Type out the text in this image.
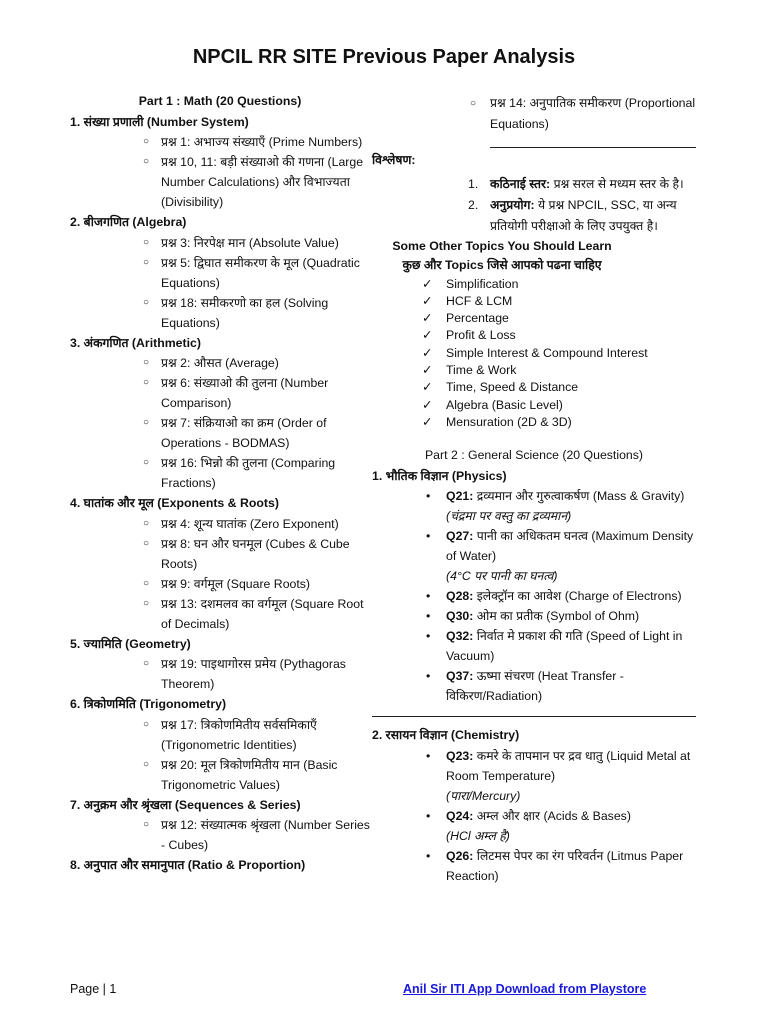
NPCIL RR SITE Previous Paper Analysis
Part 1 : Math (20 Questions)
1. संख्या प्रणाली (Number System)
○ प्रश्न 1: अभाज्य संख्याएँ (Prime Numbers)
○ प्रश्न 10, 11: बड़ी संख्याओ की गणना (Large Number Calculations) और विभाज्यता (Divisibility)
2. बीजगणित (Algebra)
○ प्रश्न 3: निरपेक्ष मान (Absolute Value)
○ प्रश्न 5: द्विघात समीकरण के मूल (Quadratic Equations)
○ प्रश्न 18: समीकरणो का हल (Solving Equations)
3. अंकगणित (Arithmetic)
○ प्रश्न 2: औसत (Average)
○ प्रश्न 6: संख्याओ की तुलना (Number Comparison)
○ प्रश्न 7: संक्रियाओ का क्रम (Order of Operations - BODMAS)
○ प्रश्न 16: भिन्नो की तुलना (Comparing Fractions)
4. घातांक और मूल (Exponents & Roots)
○ प्रश्न 4: शून्य घातांक (Zero Exponent)
○ प्रश्न 8: घन और घनमूल (Cubes & Cube Roots)
○ प्रश्न 9: वर्गमूल (Square Roots)
○ प्रश्न 13: दशमलव का वर्गमूल (Square Root of Decimals)
5. ज्यामिति (Geometry)
○ प्रश्न 19: पाइथागोरस प्रमेय (Pythagoras Theorem)
6. त्रिकोणमिति (Trigonometry)
○ प्रश्न 17: त्रिकोणमितीय सर्वसमिकाएँ (Trigonometric Identities)
○ प्रश्न 20: मूल त्रिकोणमितीय मान (Basic Trigonometric Values)
7. अनुक्रम और श्रृंखला (Sequences & Series)
○ प्रश्न 12: संख्यात्मक श्रृंखला (Number Series - Cubes)
8. अनुपात और समानुपात (Ratio & Proportion)
○ प्रश्न 14: अनुपातिक समीकरण (Proportional Equations)
विश्लेषण:
1. कठिनाई स्तर: प्रश्न सरल से मध्यम स्तर के है।
2. अनुप्रयोग: ये प्रश्न NPCIL, SSC, या अन्य प्रतियोगी परीक्षाओ के लिए उपयुक्त है।
Some Other Topics You Should Learn
कुछ और Topics जिसे आपको पढना चाहिए
✓ Simplification
✓ HCF & LCM
✓ Percentage
✓ Profit & Loss
✓ Simple Interest & Compound Interest
✓ Time & Work
✓ Time, Speed & Distance
✓ Algebra (Basic Level)
✓ Mensuration (2D & 3D)
Part 2 : General Science (20 Questions)
1. भौतिक विज्ञान (Physics)
• Q21: द्रव्यमान और गुरुत्वाकर्षण (Mass & Gravity)
(चंद्रमा पर वस्तु का द्रव्यमान)
• Q27: पानी का अधिकतम घनत्व (Maximum Density of Water)
(4°C पर पानी का घनत्व)
• Q28: इलेक्ट्रॉन का आवेश (Charge of Electrons)
• Q30: ओम का प्रतीक (Symbol of Ohm)
• Q32: निर्वात मे प्रकाश की गति (Speed of Light in Vacuum)
• Q37: ऊष्मा संचरण (Heat Transfer - विकिरण/Radiation)
2. रसायन विज्ञान (Chemistry)
• Q23: कमरे के तापमान पर द्रव धातु (Liquid Metal at Room Temperature)
(पारा/Mercury)
• Q24: अम्ल और क्षार (Acids & Bases)
(HCl अम्ल है)
• Q26: लिटमस पेपर का रंग परिवर्तन (Litmus Paper Reaction)
Page | 1	Anil Sir ITI App Download from Playstore
